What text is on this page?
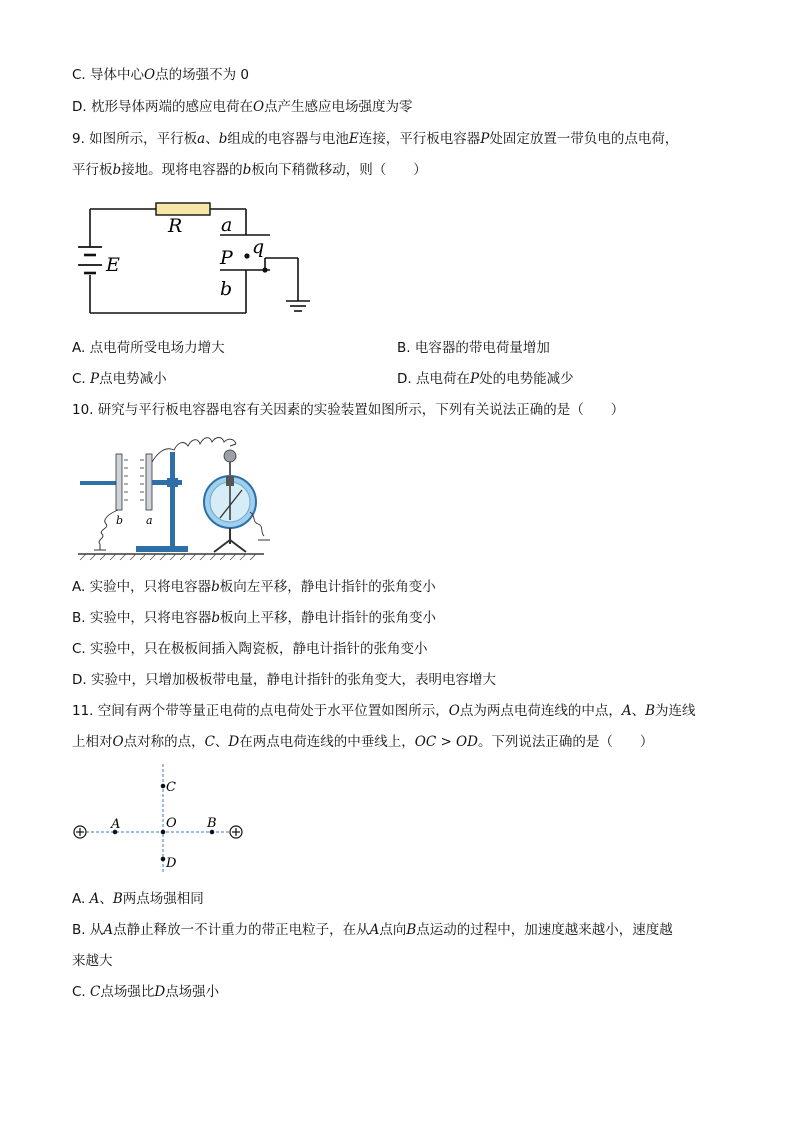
C. 导体中心O点的场强不为 0
D. 枕形导体两端的感应电荷在O点产生感应电场强度为零
9. 如图所示，平行板a、b组成的电容器与电池E连接，平行板电容器P处固定放置一带负电的点电荷，
平行板b接地。现将电容器的b板向下稍微移动，则（　　）
R
E
a
q
P
b
A. 点电荷所受电场力增大	B. 电容器的带电荷量增加
C. P点电势减小	D. 点电荷在P处的电势能减少
10. 研究与平行板电容器电容有关因素的实验装置如图所示，下列有关说法正确的是（　　）
b a
A. 实验中，只将电容器b板向左平移，静电计指针的张角变小
B. 实验中，只将电容器b板向上平移，静电计指针的张角变小
C. 实验中，只在极板间插入陶瓷板，静电计指针的张角变小
D. 实验中，只增加极板带电量，静电计指针的张角变大，表明电容增大
11. 空间有两个带等量正电荷的点电荷处于水平位置如图所示，O点为两点电荷连线的中点，A、B为连线
上相对O点对称的点，C、D在两点电荷连线的中垂线上，OC > OD。下列说法正确的是（　　）
A	B
O
C
D
A. A、B两点场强相同
B. 从A点静止释放一不计重力的带正电粒子，在从A点向B点运动的过程中，加速度越来越小，速度越
来越大
C. C点场强比D点场强小
